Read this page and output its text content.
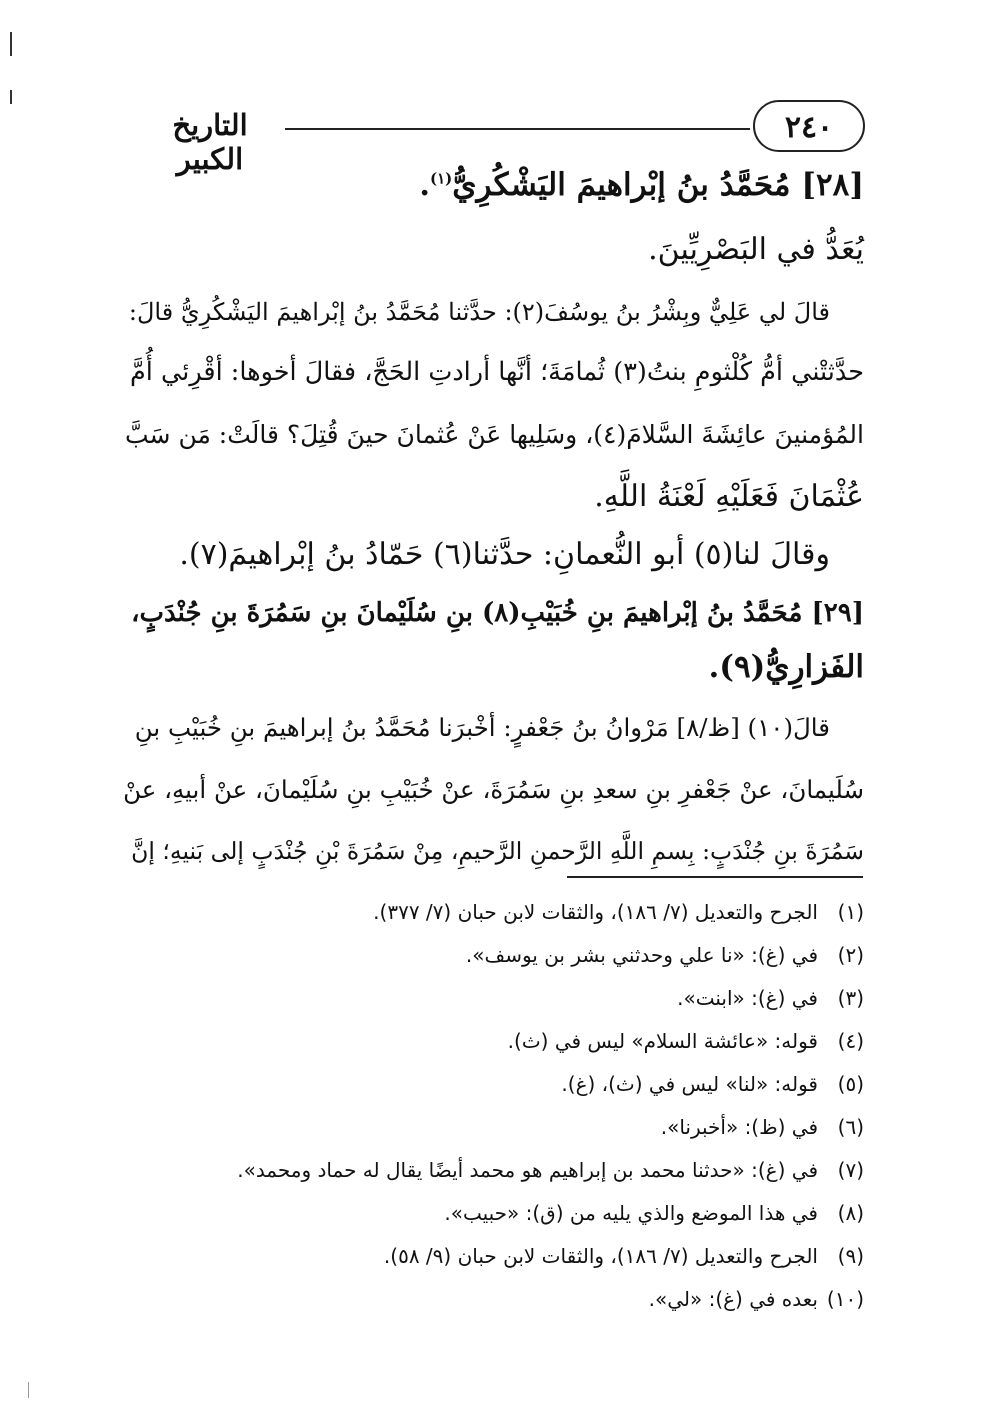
التاريخ الكبير
٢٤٠
[٢٨] مُحَمَّدُ بنُ إبْراهيمَ اليَشْكُرِيُّ$^{(١)}$.
يُعَدُّ في البَصْرِيِّينَ.
قالَ لي عَلِيٌّ وبِشْرُ بنُ يوسُفَ(٢): حدَّثنا مُحَمَّدُ بنُ إبْراهيمَ اليَشْكُرِيُّ قالَ:
حدَّثتْني أمُّ كُلْثومِ بنتُ(٣) ثُمامَةَ؛ أنَّها أرادتِ الحَجَّ، فقالَ أخوها: أقْرِئي أُمَّ
المُؤمنينَ عائِشَةَ السَّلامَ(٤)، وسَلِيها عَنْ عُثمانَ حينَ قُتِلَ؟ قالَتْ: مَن سَبَّ
عُثْمَانَ فَعَلَيْهِ لَعْنَةُ اللَّهِ.
وقالَ لنا(٥) أبو النُّعمانِ: حدَّثنا(٦) حَمّادُ بنُ إبْراهيمَ(٧).
[٢٩] مُحَمَّدُ بنُ إبْراهيمَ بنِ خُبَيْبِ(٨) بنِ سُلَيْمانَ بنِ سَمُرَةَ بنِ جُنْدَبٍ،
الفَزارِيُّ(٩).
قالَ(١٠) [ظ/٨] مَرْوانُ بنُ جَعْفرٍ: أخْبرَنا مُحَمَّدُ بنُ إبراهيمَ بنِ خُبَيْبِ بنِ
سُلَيمانَ، عنْ جَعْفرِ بنِ سعدِ بنِ سَمُرَةَ، عنْ خُبَيْبِ بنِ سُلَيْمانَ، عنْ أبيهِ، عنْ
سَمُرَةَ بنِ جُنْدَبٍ: بِسمِ اللَّهِ الرَّحمنِ الرَّحيمِ، مِنْ سَمُرَةَ بْنِ جُنْدَبٍ إلى بَنيهِ؛ إنَّ
(١)الجرح والتعديل (٧/ ١٨٦)، والثقات لابن حبان (٧/ ٣٧٧).
(٢)في (غ): «نا علي وحدثني بشر بن يوسف».
(٣)في (غ): «ابنت».
(٤)قوله: «عائشة السلام» ليس في (ث).
(٥)قوله: «لنا» ليس في (ث)، (غ).
(٦)في (ظ): «أخبرنا».
(٧)في (غ): «حدثنا محمد بن إبراهيم هو محمد أيضًا يقال له حماد ومحمد».
(٨)في هذا الموضع والذي يليه من (ق): «حبيب».
(٩)الجرح والتعديل (٧/ ١٨٦)، والثقات لابن حبان (٩/ ٥٨).
(١٠)بعده في (غ): «لي».
